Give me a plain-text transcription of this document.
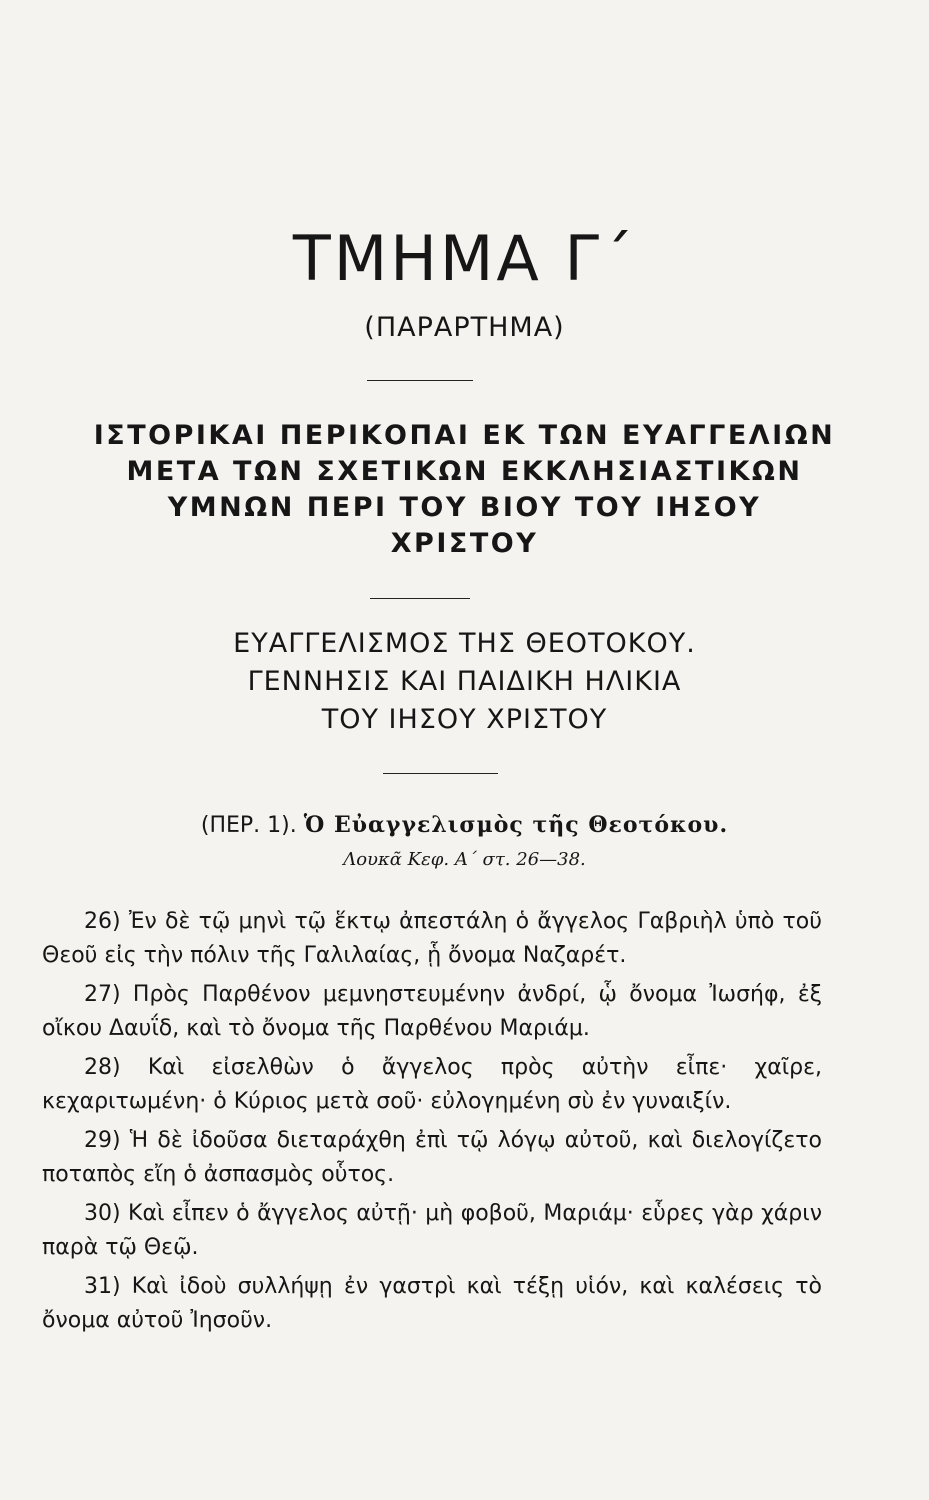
ΤΜΗΜΑ Γ΄
(ΠΑΡΑΡΤΗΜΑ)
ΙΣΤΟΡΙΚΑΙ ΠΕΡΙΚΟΠΑΙ ΕΚ ΤΩΝ ΕΥΑΓΓΕΛΙΩΝ
ΜΕΤΑ ΤΩΝ ΣΧΕΤΙΚΩΝ ΕΚΚΛΗΣΙΑΣΤΙΚΩΝ
ΥΜΝΩΝ ΠΕΡΙ ΤΟΥ ΒΙΟΥ ΤΟΥ ΙΗΣΟΥ
ΧΡΙΣΤΟΥ
ΕΥΑΓΓΕΛΙΣΜΟΣ ΤΗΣ ΘΕΟΤΟΚΟΥ.
ΓΕΝΝΗΣΙΣ ΚΑΙ ΠΑΙΔΙΚΗ ΗΛΙΚΙΑ
ΤΟΥ ΙΗΣΟΥ ΧΡΙΣΤΟΥ
(ΠΕΡ. 1). Ὁ Εὐαγγελισμὸς τῆς Θεοτόκου.
Λουκᾶ Κεφ. Α΄ στ. 26—38.

26) Ἐν δὲ τῷ μηνὶ τῷ ἕκτῳ ἀπεστάλη ὁ ἄγγελος Γαβριὴλ ὑπὸ τοῦ Θεοῦ εἰς τὴν πόλιν τῆς Γαλιλαίας, ᾗ ὄνομα Ναζαρέτ.

27) Πρὸς Παρθένον μεμνηστευμένην ἀνδρί, ᾧ ὄνομα Ἰωσήφ, ἐξ οἴκου Δαυΐδ, καὶ τὸ ὄνομα τῆς Παρθένου Μαριάμ.

28) Καὶ εἰσελθὼν ὁ ἄγγελος πρὸς αὐτὴν εἶπε· χαῖρε, κεχαριτωμένη· ὁ Κύριος μετὰ σοῦ· εὐλογημένη σὺ ἐν γυναιξίν.

29) Ἡ δὲ ἰδοῦσα διεταράχθη ἐπὶ τῷ λόγῳ αὐτοῦ, καὶ διελογίζετο ποταπὸς εἴη ὁ ἀσπασμὸς οὗτος.

30) Καὶ εἶπεν ὁ ἄγγελος αὐτῇ· μὴ φοβοῦ, Μαριάμ· εὗρες γὰρ χάριν παρὰ τῷ Θεῷ.

31) Καὶ ἰδοὺ συλλήψῃ ἐν γαστρὶ καὶ τέξῃ υἱόν, καὶ καλέσεις τὸ ὄνομα αὐτοῦ Ἰησοῦν.
